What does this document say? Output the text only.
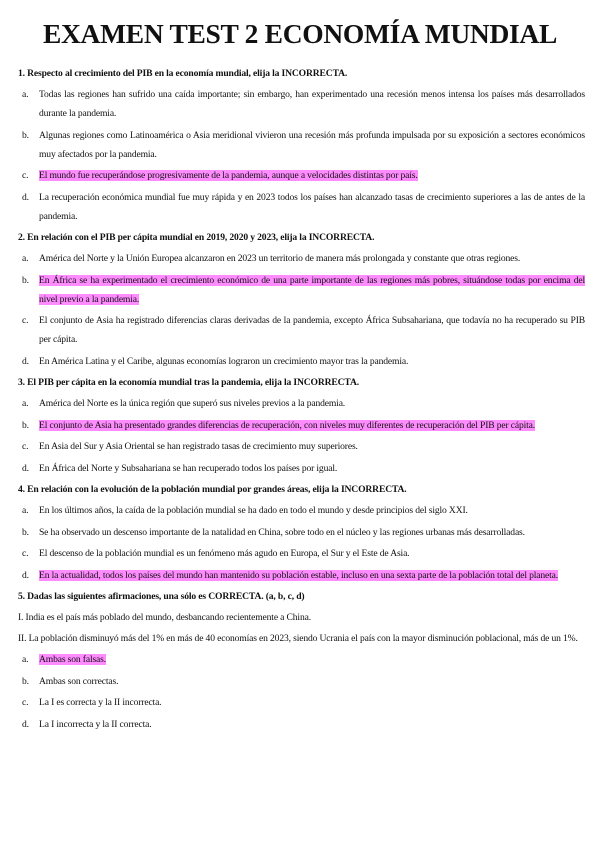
EXAMEN TEST 2 ECONOMÍA MUNDIAL
1. Respecto al crecimiento del PIB en la economía mundial, elija la INCORRECTA.
a.	Todas las regiones han sufrido una caída importante; sin embargo, han experimentado una recesión menos intensa los países más desarrollados durante la pandemia.
b.	Algunas regiones como Latinoamérica o Asia meridional vivieron una recesión más profunda impulsada por su exposición a sectores económicos muy afectados por la pandemia.
c.	El mundo fue recuperándose progresivamente de la pandemia, aunque a velocidades distintas por país.
d.	La recuperación económica mundial fue muy rápida y en 2023 todos los países han alcanzado tasas de crecimiento superiores a las de antes de la pandemia.
2. En relación con el PIB per cápita mundial en 2019, 2020 y 2023, elija la INCORRECTA.
a.	América del Norte y la Unión Europea alcanzaron en 2023 un territorio de manera más prolongada y constante que otras regiones.
b.	En África se ha experimentado el crecimiento económico de una parte importante de las regiones más pobres, situándose todas por encima del nivel previo a la pandemia.
c.	El conjunto de Asia ha registrado diferencias claras derivadas de la pandemia, excepto África Subsahariana, que todavía no ha recuperado su PIB per cápita.
d.	En América Latina y el Caribe, algunas economías lograron un crecimiento mayor tras la pandemia.
3. El PIB per cápita en la economía mundial tras la pandemia, elija la INCORRECTA.
a.	América del Norte es la única región que superó sus niveles previos a la pandemia.
b.	El conjunto de Asia ha presentado grandes diferencias de recuperación, con niveles muy diferentes de recuperación del PIB per cápita.
c.	En Asia del Sur y Asia Oriental se han registrado tasas de crecimiento muy superiores.
d.	En África del Norte y Subsahariana se han recuperado todos los países por igual.
4. En relación con la evolución de la población mundial por grandes áreas, elija la INCORRECTA.
a.	En los últimos años, la caída de la población mundial se ha dado en todo el mundo y desde principios del siglo XXI.
b.	Se ha observado un descenso importante de la natalidad en China, sobre todo en el núcleo y las regiones urbanas más desarrolladas.
c.	El descenso de la población mundial es un fenómeno más agudo en Europa, el Sur y el Este de Asia.
d.	En la actualidad, todos los países del mundo han mantenido su población estable, incluso en una sexta parte de la población total del planeta.
5. Dadas las siguientes afirmaciones, una sólo es CORRECTA. (a, b, c, d)
I. India es el país más poblado del mundo, desbancando recientemente a China.
II. La población disminuyó más del 1% en más de 40 economías en 2023, siendo Ucrania el país con la mayor disminución poblacional, más de un 1%.
a.	Ambas son falsas.
b.	Ambas son correctas.
c.	La I es correcta y la II incorrecta.
d.	La I incorrecta y la II correcta.
